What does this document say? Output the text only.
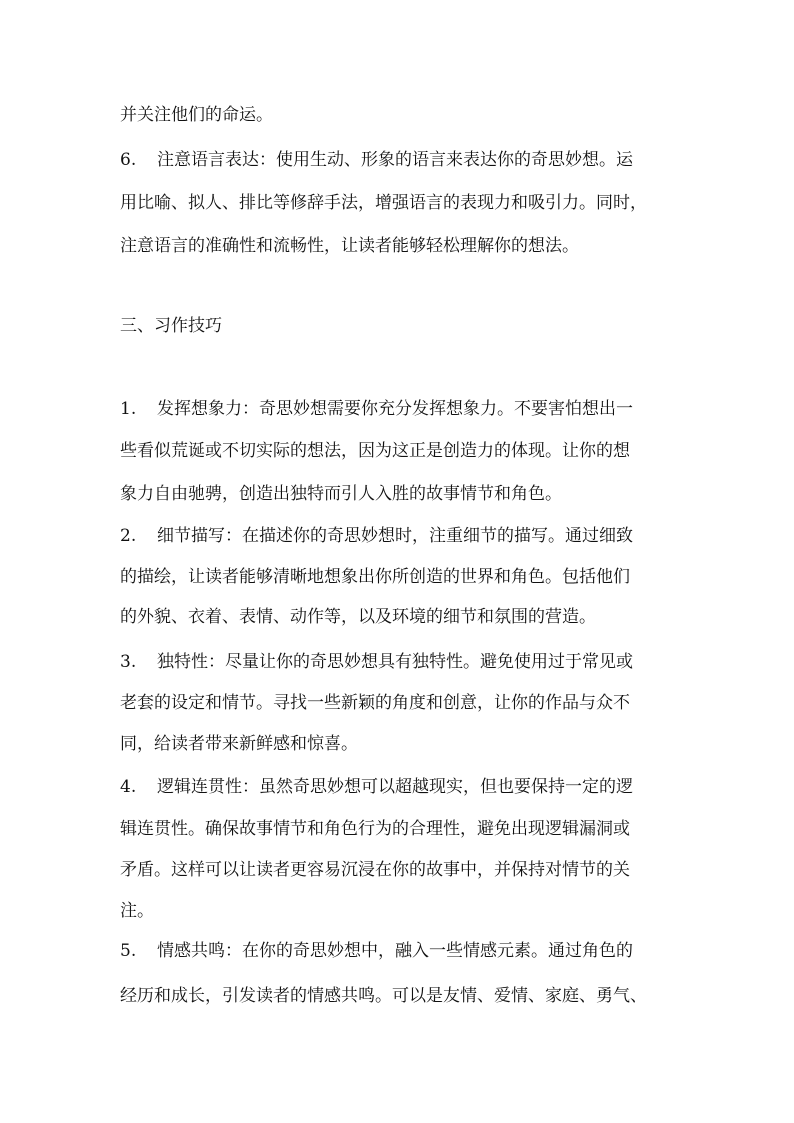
并关注他们的命运。
6. 注意语言表达：使用生动、形象的语言来表达你的奇思妙想。运
用比喻、拟人、排比等修辞手法，增强语言的表现力和吸引力。同时，
注意语言的准确性和流畅性，让读者能够轻松理解你的想法。
三、习作技巧
1. 发挥想象力：奇思妙想需要你充分发挥想象力。不要害怕想出一
些看似荒诞或不切实际的想法，因为这正是创造力的体现。让你的想
象力自由驰骋，创造出独特而引人入胜的故事情节和角色。
2. 细节描写：在描述你的奇思妙想时，注重细节的描写。通过细致
的描绘，让读者能够清晰地想象出你所创造的世界和角色。包括他们
的外貌、衣着、表情、动作等，以及环境的细节和氛围的营造。
3. 独特性：尽量让你的奇思妙想具有独特性。避免使用过于常见或
老套的设定和情节。寻找一些新颖的角度和创意，让你的作品与众不
同，给读者带来新鲜感和惊喜。
4. 逻辑连贯性：虽然奇思妙想可以超越现实，但也要保持一定的逻
辑连贯性。确保故事情节和角色行为的合理性，避免出现逻辑漏洞或
矛盾。这样可以让读者更容易沉浸在你的故事中，并保持对情节的关
注。
5. 情感共鸣：在你的奇思妙想中，融入一些情感元素。通过角色的
经历和成长，引发读者的情感共鸣。可以是友情、爱情、家庭、勇气、
